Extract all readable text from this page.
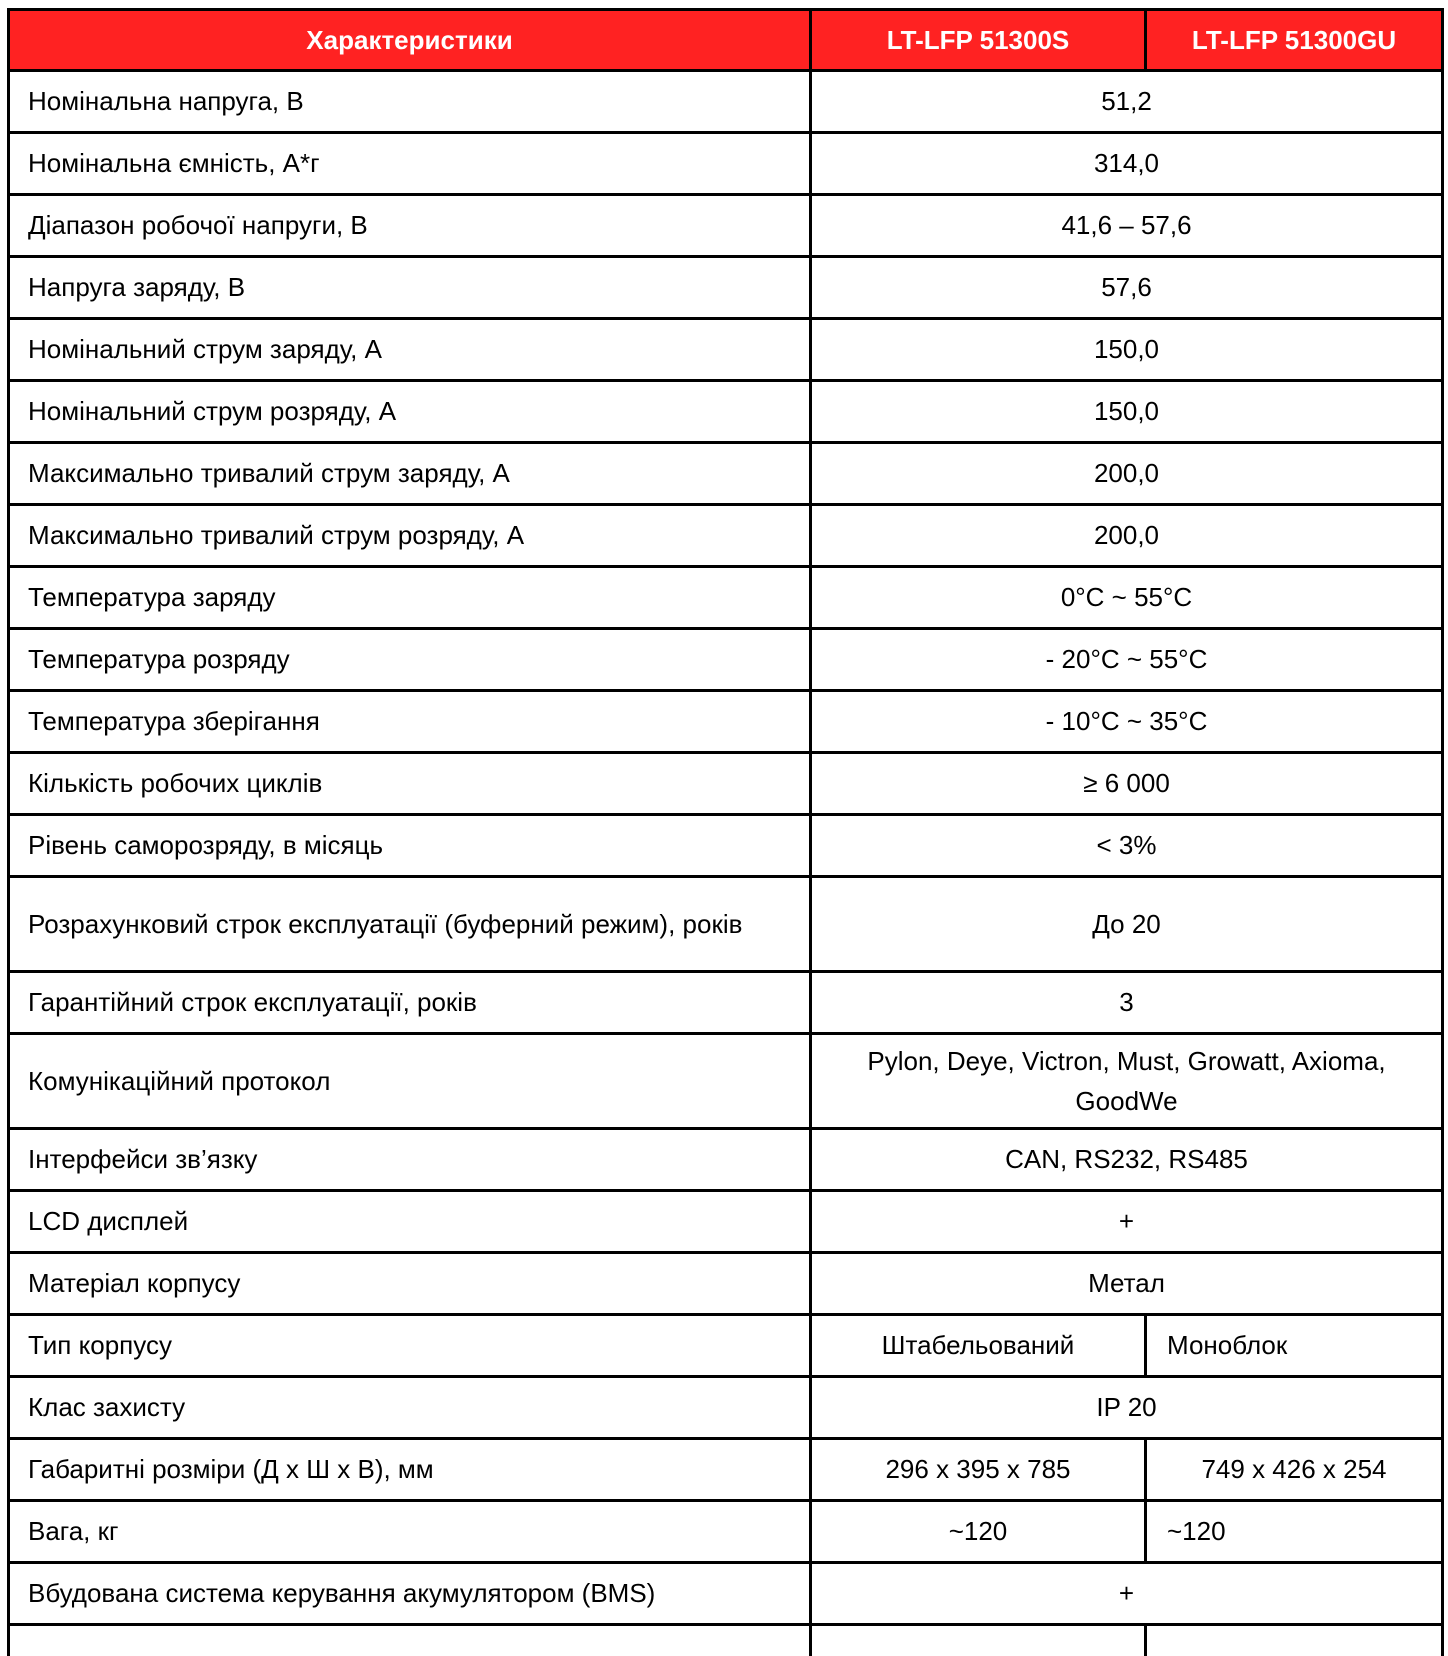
Характеристики	LT-LFP 51300S	LT-LFP 51300GU
Номінальна напруга, В	51,2	
Номінальна ємність, А*г	314,0	
Діапазон робочої напруги, В	41,6 – 57,6	
Напруга заряду, В	57,6	
Номінальний струм заряду, А	150,0	
Номінальний струм розряду, А	150,0	
Максимально тривалий струм заряду, А	200,0	
Максимально тривалий струм розряду, А	200,0	
Температура заряду	0°C ~ 55°C	
Температура розряду	- 20°C ~ 55°C	
Температура зберігання	- 10°C ~ 35°C	
Кількість робочих циклів	≥ 6 000	
Рівень саморозряду, в місяць	< 3%	
Розрахунковий строк експлуатації (буферний режим), років	До 20	
Гарантійний строк експлуатації, років	3	
Комунікаційний протокол	Pylon, Deye, Victron, Must, Growatt, Axioma, GoodWe	
Інтерфейси зв’язку	CAN, RS232, RS485	
LCD дисплей	+	
Матеріал корпусу	Метал	
Тип корпусу	Штабельований	Моноблок
Клас захисту	IP 20	
Габаритні розміри (Д х Ш х В), мм	296 x 395 x 785	749 x 426 x 254
Вага, кг	~120	~120
Вбудована система керування акумулятором (BMS)	+	
